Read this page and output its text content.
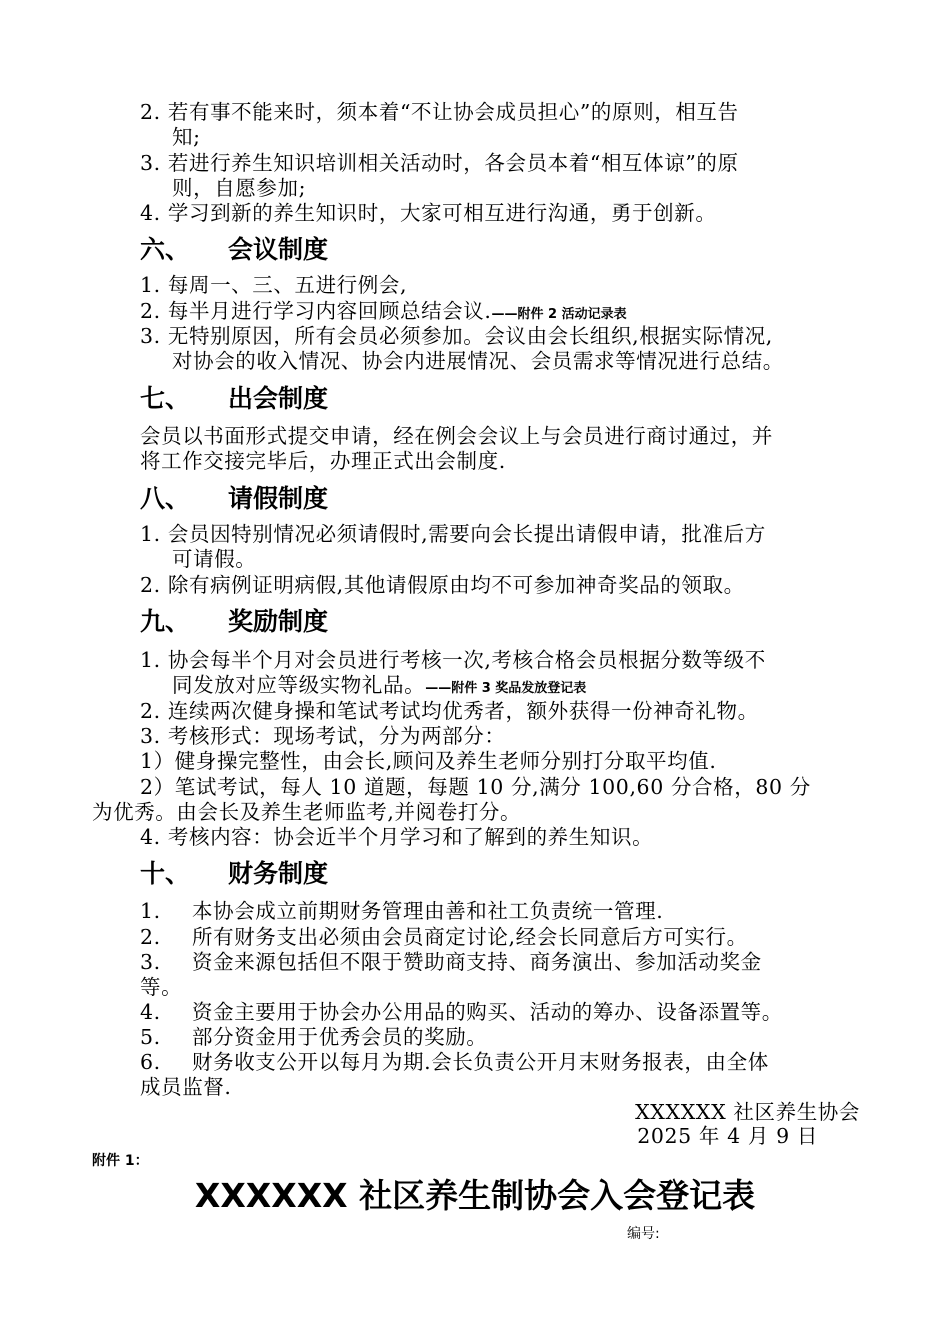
2. 若有事不能来时，须本着“不让协会成员担心”的原则，相互告
知;
3. 若进行养生知识培训相关活动时，各会员本着“相互体谅”的原
则，自愿参加;
4. 学习到新的养生知识时，大家可相互进行沟通，勇于创新。
六、 会议制度
1. 每周一、三、五进行例会,
2. 每半月进行学习内容回顾总结会议.——附件 2 活动记录表
3. 无特别原因，所有会员必须参加。会议由会长组织,根据实际情况,
对协会的收入情况、协会内进展情况、会员需求等情况进行总结。
七、 出会制度
会员以书面形式提交申请，经在例会会议上与会员进行商讨通过，并
将工作交接完毕后，办理正式出会制度.
八、 请假制度
1. 会员因特别情况必须请假时,需要向会长提出请假申请，批准后方
可请假。
2. 除有病例证明病假,其他请假原由均不可参加神奇奖品的领取。
九、 奖励制度
1. 协会每半个月对会员进行考核一次,考核合格会员根据分数等级不
同发放对应等级实物礼品。——附件 3 奖品发放登记表
2. 连续两次健身操和笔试考试均优秀者，额外获得一份神奇礼物。
3. 考核形式：现场考试，分为两部分：
1）健身操完整性，由会长,顾问及养生老师分别打分取平均值.
2）笔试考试，每人 10 道题，每题 10 分,满分 100,60 分合格，80 分
为优秀。由会长及养生老师监考,并阅卷打分。
4. 考核内容：协会近半个月学习和了解到的养生知识。
十、 财务制度
1. 本协会成立前期财务管理由善和社工负责统一管理.
2. 所有财务支出必须由会员商定讨论,经会长同意后方可实行。
3. 资金来源包括但不限于赞助商支持、商务演出、参加活动奖金
等。
4. 资金主要用于协会办公用品的购买、活动的筹办、设备添置等。
5. 部分资金用于优秀会员的奖励。
6. 财务收支公开以每月为期.会长负责公开月末财务报表，由全体
成员监督.
XXXXXX 社区养生协会
2025 年 4 月 9 日
附件 1：
XXXXXX 社区养生制协会入会登记表
编号:
